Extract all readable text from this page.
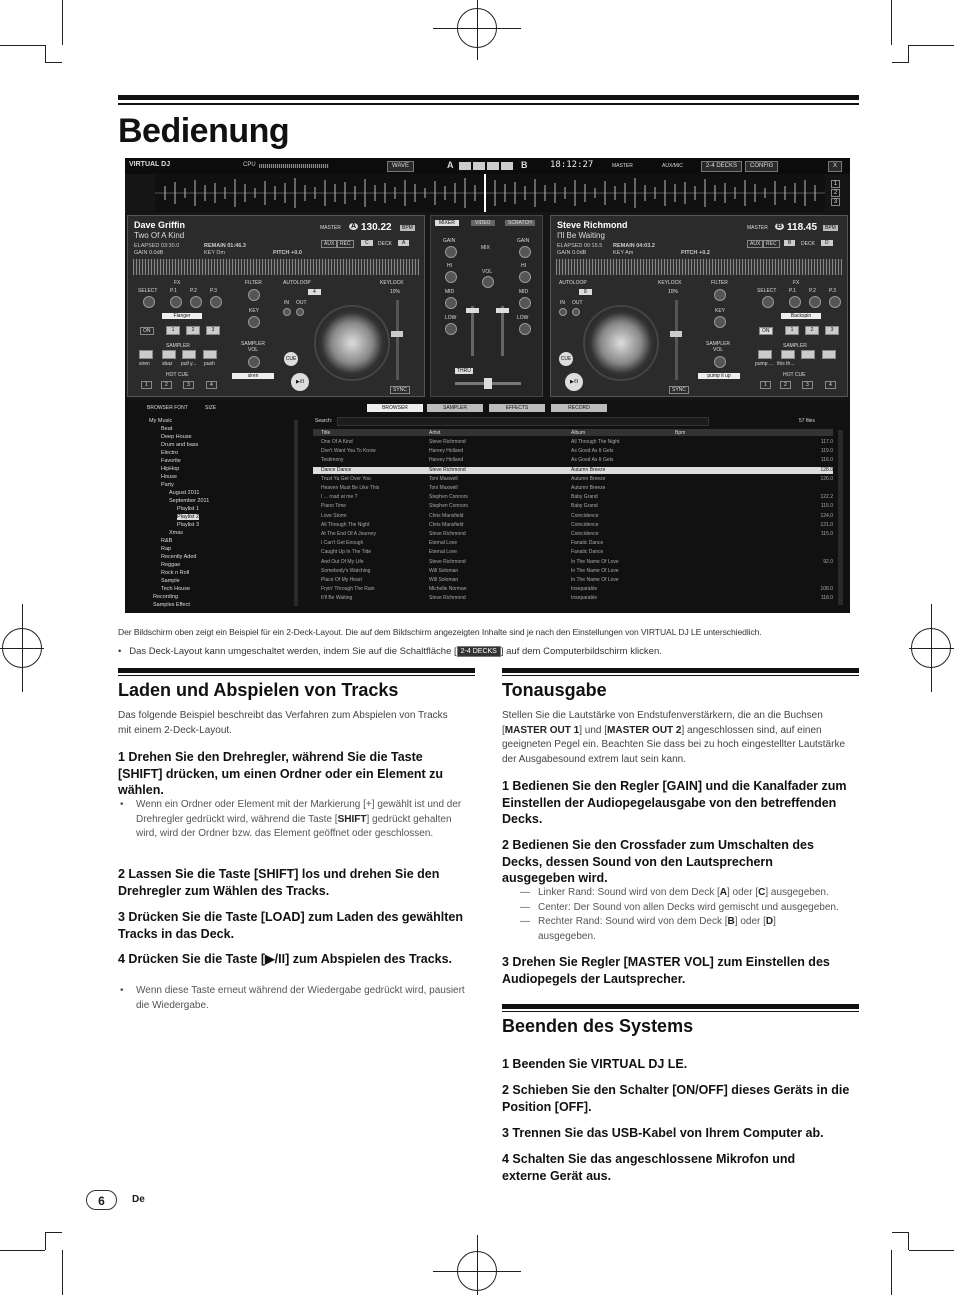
Bedienung
VIRTUAL DJ	CPU	WAVE	A	B	18:12:27	MASTER	AUX/MIC	2-4 DECKS	CONFIG	X
1
2
3
Dave Griffin
Two Of A Kind
MASTER A 130.22	BPM
ELAPSED 03:30.0
GAIN 0.0dB
REMAIN 01:46.3
KEY Dm	PITCH +0.0
AUX	REC	C	DECK	A
FX
SELECT	P.1	P.2	P.3
Flanger
ON	1	2	3
SAMPLER
siren sbaz pull y... push
HOT CUE
1	2	3	4
FILTER
KEY
SAMPLER VOL
siren
AUTOLOOP
4
IN OUT
KEYLOCK
10%
CUE
▶/II
SYNC
MIXER	VIDEO	SCRATCH
GAIN	GAIN
MIX
VOL
HI	HI
MID	MID
LOW	LOW
THRU
Steve Richmond
I'll Be Waiting
MASTER B 118.45	BPM
ELAPSED 00:15.5
GAIN 0.0dB
REMAIN 04:03.2
KEY Am	PITCH +0.2
AUX	REC	B	DECK	D
AUTOLOOP
8
IN OUT
KEYLOCK
10%
CUE
▶/II
SYNC
FILTER
KEY
SAMPLER VOL
pump it up
FX
SELECT	P.1	P.2	P.3
Backspin
ON	1	2	3
SAMPLER
pump ... this th...
HOT CUE
1	2	3	4
BROWSER FONT	SIZE	BROWSER	SAMPLER	EFFECTS	RECORD
Search:	57 files
My Music
Beat
Deep House
Drum and bass
Electro
Favorite
HipHop
House
Party
August 2011
September 2011
Playlist 1
Playlist 2
Playlist 3
Xmas
R&B
Rap
Recently Aded
Reggae
Rock n Roll
Sample
Tech House
Recording
Samples Effect
Title	Artist	Album	Bpm
One Of A Kind	Steve Richmond	All Through The Night	117.0
Don't Want You To Know	Harvey Holland	As Good As It Gets	119.0
Testimony	Harvey Holland	As Good As It Gets	116.0
Dance Dance	Steve Richmond	Autumn Breeze	128.0
Trust Ya Get Over You	Toni Maxwell	Autumn Breeze	126.0
Heaven Must Be Like This	Toni Maxwell	Autumn Breeze
I ... road at me ?	Stephen Connors	Baby Grand	122.2
Piano Time	Stephen Connors	Baby Grand	115.0
Love Storm	Chris Mansfield	Coincidence	124.0
All Through The Night	Chris Mansfield	Coincidence	121.0
At The End Of A Journey	Steve Richmond	Coincidence	115.0
I Can't Get Enough	Eternal Love	Fanatic Dance
Caught Up In The Tide	Eternal Love	Fanatic Dance
And Out Of My Life	Steve Richmond	In The Name Of Love	92.0
Somebody's Watching	Will Soloman	In The Name Of Love
Place Of My Heart	Will Soloman	In The Name Of Love
Fryin' Through The Rain	Michelle Norman	Inseparable	108.0
It'll Be Waiting	Steve Richmond	Inseparable	118.0
Der Bildschirm oben zeigt ein Beispiel für ein 2-Deck-Layout. Die auf dem Bildschirm angezeigten Inhalte sind je nach den Einstellungen von VIRTUAL DJ LE unterschiedlich.
•   Das Deck-Layout kann umgeschaltet werden, indem Sie auf die Schaltfläche [ 2-4 DECKS ] auf dem Computerbildschirm klicken.
Laden und Abspielen von Tracks
Das folgende Beispiel beschreibt das Verfahren zum Abspielen von Tracks mit einem 2-Deck-Layout.
1 Drehen Sie den Drehregler, während Sie die Taste [SHIFT] drücken, um einen Ordner oder ein Element zu wählen.
• Wenn ein Ordner oder Element mit der Markierung [+] gewählt ist und der Drehregler gedrückt wird, während die Taste [SHIFT] gedrückt gehalten wird, wird der Ordner bzw. das Element geöffnet oder geschlossen.
2 Lassen Sie die Taste [SHIFT] los und drehen Sie den Drehregler zum Wählen des Tracks.
3 Drücken Sie die Taste [LOAD] zum Laden des gewählten Tracks in das Deck.
4 Drücken Sie die Taste [▶/II] zum Abspielen des Tracks.
• Wenn diese Taste erneut während der Wiedergabe gedrückt wird, pausiert die Wiedergabe.
Tonausgabe
Stellen Sie die Lautstärke von Endstufenverstärkern, die an die Buchsen [MASTER OUT 1] und [MASTER OUT 2] angeschlossen sind, auf einen geeigneten Pegel ein. Beachten Sie dass bei zu hoch eingestellter Lautstärke der Ausgabesound extrem laut sein kann.
1 Bedienen Sie den Regler [GAIN] und die Kanalfader zum Einstellen der Audiopegelausgabe von den betreffenden Decks.
2 Bedienen Sie den Crossfader zum Umschalten des Decks, dessen Sound von den Lautsprechern ausgegeben wird.
— Linker Rand: Sound wird von dem Deck [A] oder [C] ausgegeben.
— Center: Der Sound von allen Decks wird gemischt und ausgegeben.
— Rechter Rand: Sound wird von dem Deck [B] oder [D] ausgegeben.
3 Drehen Sie Regler [MASTER VOL] zum Einstellen des Audiopegels der Lautsprecher.
Beenden des Systems
1 Beenden Sie VIRTUAL DJ LE.
2 Schieben Sie den Schalter [ON/OFF] dieses Geräts in die Position [OFF].
3 Trennen Sie das USB-Kabel von Ihrem Computer ab.
4 Schalten Sie das angeschlossene Mikrofon und externe Gerät aus.
6	De
